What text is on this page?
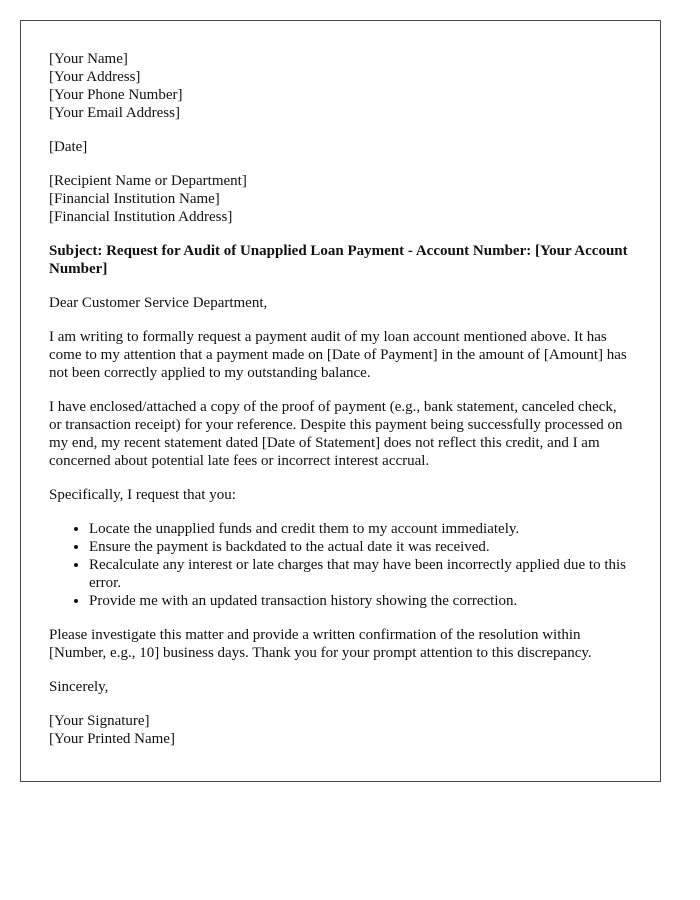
[Your Name]
[Your Address]
[Your Phone Number]
[Your Email Address]
[Date]
[Recipient Name or Department]
[Financial Institution Name]
[Financial Institution Address]
Subject: Request for Audit of Unapplied Loan Payment - Account Number: [Your Account Number]

Dear Customer Service Department,

I am writing to formally request a payment audit of my loan account mentioned above. It has come to my attention that a payment made on [Date of Payment] in the amount of [Amount] has not been correctly applied to my outstanding balance.

I have enclosed/attached a copy of the proof of payment (e.g., bank statement, canceled check, or transaction receipt) for your reference. Despite this payment being successfully processed on my end, my recent statement dated [Date of Statement] does not reflect this credit, and I am concerned about potential late fees or incorrect interest accrual.

Specifically, I request that you:

• Locate the unapplied funds and credit them to my account immediately.
• Ensure the payment is backdated to the actual date it was received.
• Recalculate any interest or late charges that may have been incorrectly applied due to this error.
• Provide me with an updated transaction history showing the correction.

Please investigate this matter and provide a written confirmation of the resolution within [Number, e.g., 10] business days. Thank you for your prompt attention to this discrepancy.

Sincerely,

[Your Signature]
[Your Printed Name]
